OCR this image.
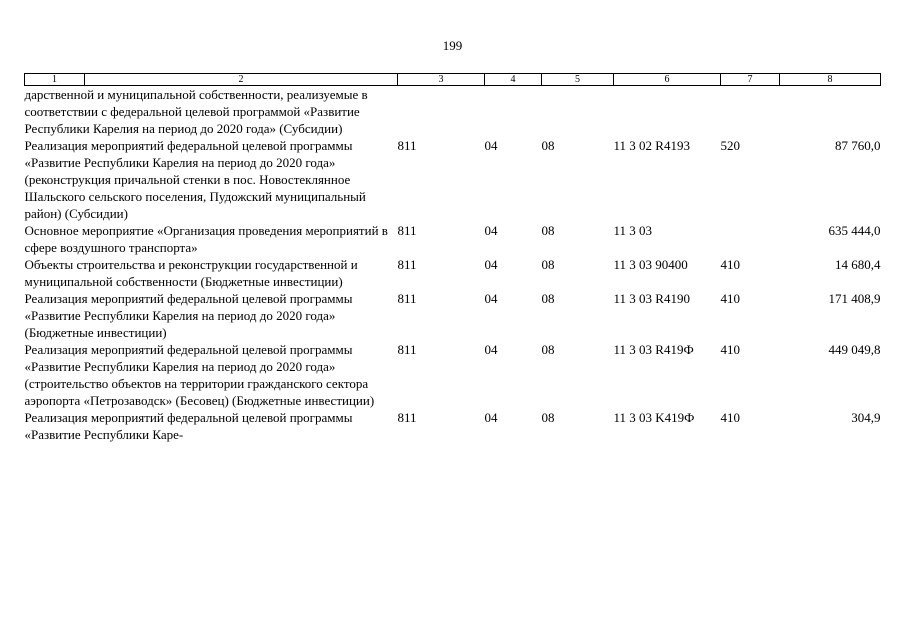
199
1	2	3	4	5	6	7	8
дарственной и муниципальной собственности, реализуемые в соответствии с федеральной целевой программой «Развитие Республики Карелия на период до 2020 года» (Субсидии)							
Реализация мероприятий федеральной целевой программы «Развитие Республики Карелия на период до 2020 года» (реконструкция причальной стенки в пос. Новостеклянное Шальского сельского поселения, Пудожский муниципальный район) (Субсидии)		811	04	08	11 3 02 R4193	520	87 760,0
Основное мероприятие «Организация проведения мероприятий в сфере воздушного транспорта»		811	04	08	11 3 03		635 444,0
Объекты строительства и реконструкции государственной и муниципальной собственности (Бюджетные инвестиции)		811	04	08	11 3 03 90400	410	14 680,4
Реализация мероприятий федеральной целевой программы «Развитие Республики Карелия на период до 2020 года» (Бюджетные инвестиции)		811	04	08	11 3 03 R4190	410	171 408,9
Реализация мероприятий федеральной целевой программы «Развитие Республики Карелия на период до 2020 года» (строительство объектов на территории гражданского сектора аэропорта «Петрозаводск» (Бесовец) (Бюджетные инвестиции)		811	04	08	11 3 03 R419Ф	410	449 049,8
Реализация мероприятий федеральной целевой программы «Развитие Республики Каре-		811	04	08	11 3 03 K419Ф	410	304,9
